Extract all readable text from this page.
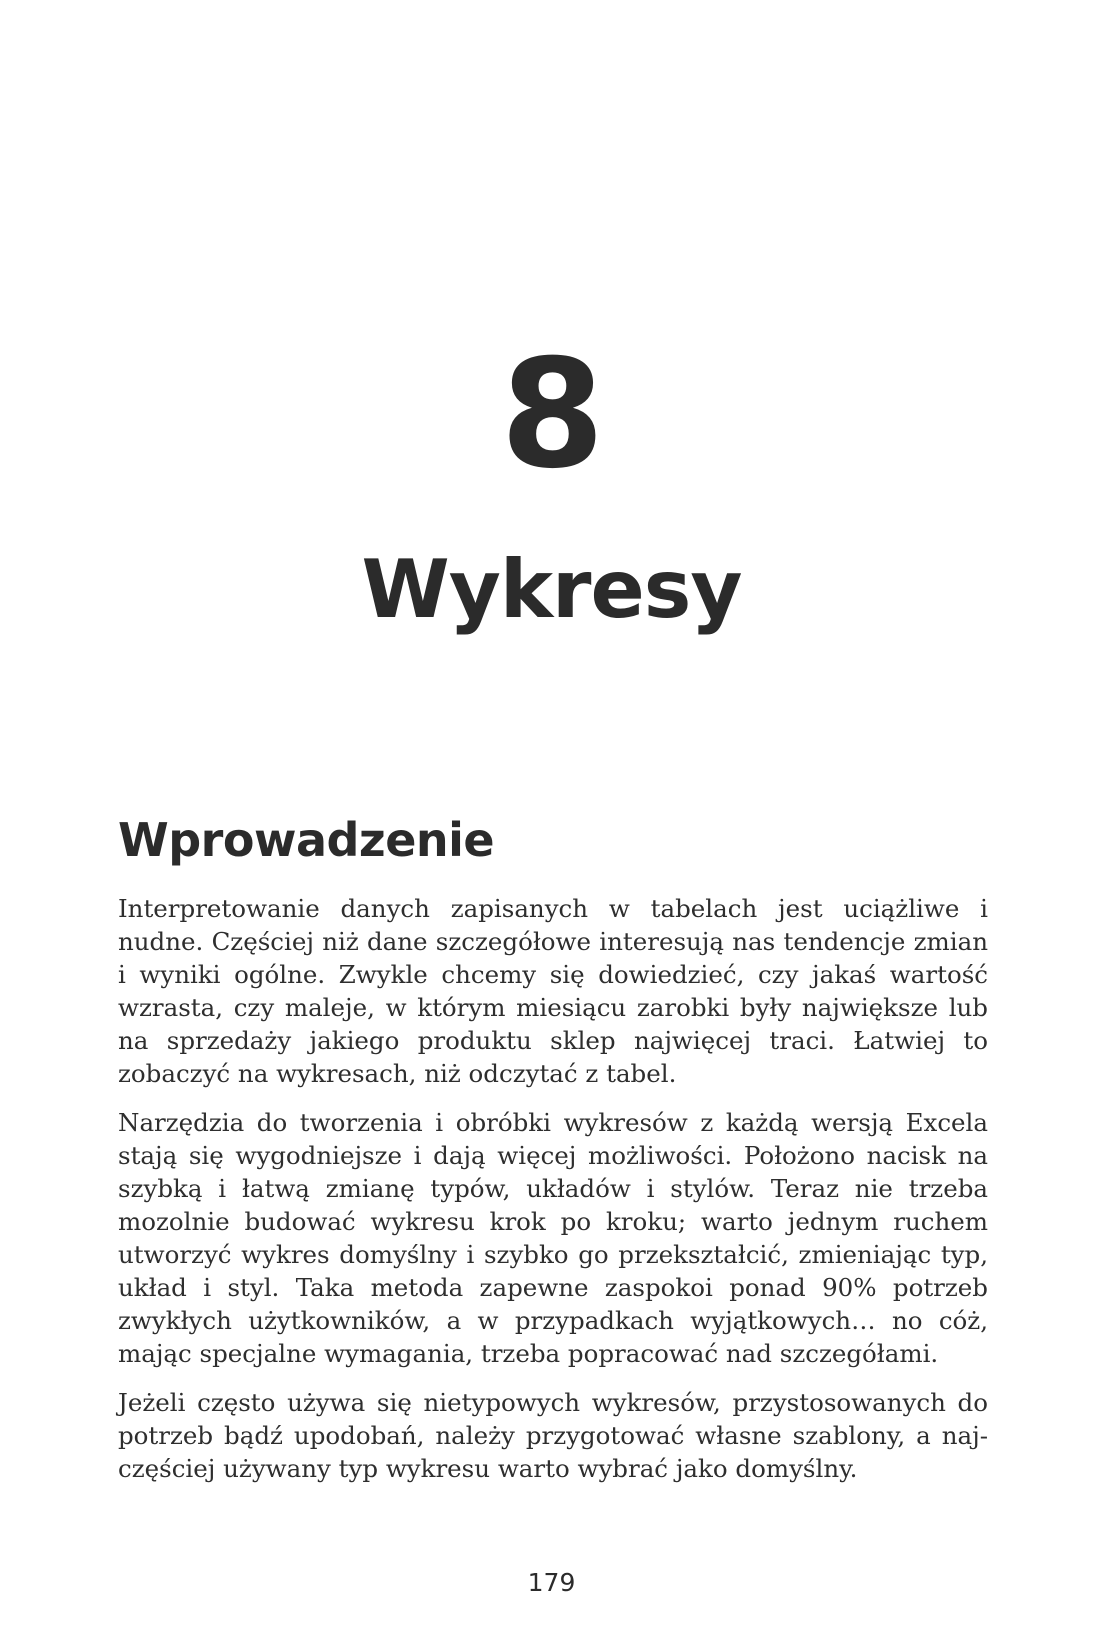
8
Wykresy
Wprowadzenie

Interpretowanie danych zapisanych w tabelach jest uciążliwe i nudne. Częściej niż dane szczegółowe interesują nas tendencje zmian i wyniki ogólne. Zwykle chcemy się dowiedzieć, czy jakaś wartość wzrasta, czy maleje, w którym miesiącu zarobki były największe lub na sprzedaży jakiego produktu sklep najwięcej traci. Łatwiej to zobaczyć na wykresach, niż odczytać z tabel.

Narzędzia do tworzenia i obróbki wykresów z każdą wersją Excela stają się wygodniejsze i dają więcej możliwości. Położono nacisk na szybką i łatwą zmianę typów, układów i stylów. Teraz nie trzeba mozolnie budować wykresu krok po kroku; warto jednym ruchem utworzyć wykres domyślny i szybko go przekształcić, zmieniając typ, układ i styl. Taka metoda zapewne zaspokoi ponad 90% potrzeb zwykłych użytkowników, a w przypadkach wyjątkowych… no cóż, mając specjalne wymagania, trzeba popracować nad szczegółami.

Jeżeli często używa się nietypowych wykresów, przystosowanych do potrzeb bądź upodobań, należy przygotować własne szablony, a najczęściej używany typ wykresu warto wybrać jako domyślny.

179
